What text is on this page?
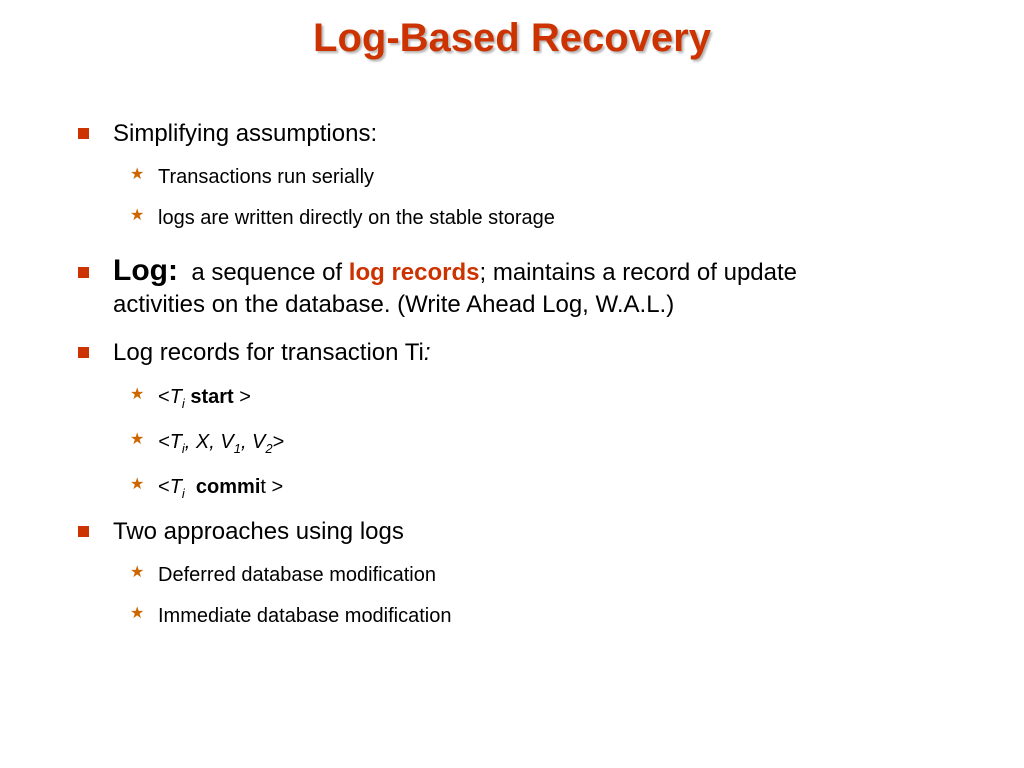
Log-Based Recovery
Simplifying assumptions:
★ Transactions run serially
★ logs are written directly on the stable storage
Log: a sequence of log records; maintains a record of update
activities on the database. (Write Ahead Log, W.A.L.)
Log records for transaction Ti:
★ $<T_i$ start >
★ $<T_i$, X, $V_1$, $V_2>$
★ $<T_i$ commit >
Two approaches using logs
★ Deferred database modification
★ Immediate database modification
